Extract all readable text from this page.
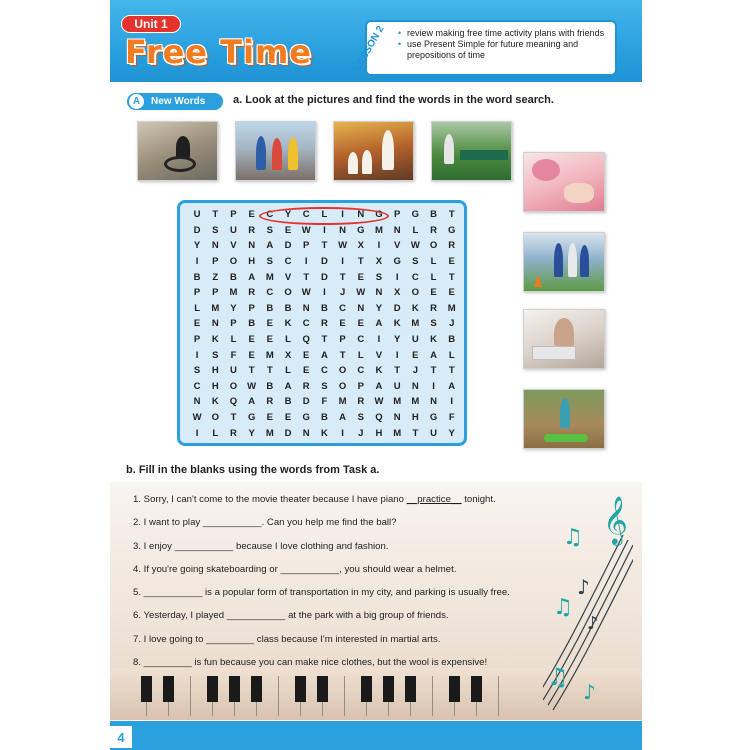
Unit 1
Free Time	LESSON 2
•	review making free time activity plans with friends
• use Present Simple for future meaning and prepositions of time
A	New Words	a. Look at the pictures and find the words in the word search.
U	T	P	E	C	Y	C	L	I	N	G	P	G	B	T
D	S	U	R	S	E	W	I	N	G	M	N	L	R	G
Y	N	V	N	A	D	P	T	W	X	I	V	W	O	R
I	P	O	H	S	C	I	D	I	T	X	G	S	L	E
B	Z	B	A	M	V	T	D	T	E	S	I	C	L	T
P	P	M	R	C	O	W	I	J	W	N	X	O	E	E
L	M	Y	P	B	B	N	B	C	N	Y	D	K	R	M
E	N	P	B	E	K	C	R	E	E	A	K	M	S	J
P	K	L	E	E	L	Q	T	P	C	I	Y	U	K	B
I	S	F	E	M	X	E	A	T	L	V	I	E	A	L
S	H	U	T	T	L	E	C	O	C	K	T	J	T	T
C	H	O	W	B	A	R	S	O	P	A	U	N	I	A
N	K	Q	A	R	B	D	F	M	R	W	M	M	N	I
W	O	T	G	E	E	G	B	A	S	Q	N	H	G	F
I	L	R	Y	M	D	N	K	I	J	H	M	T	U	Y
b. Fill in the blanks using the words from Task a.
1. Sorry, I can't come to the movie theater because I have piano __practice__ tonight.
2. I want to play ___________. Can you help me find the ball?
3. I enjoy ___________ because I love clothing and fashion.
4. If you're going skateboarding or ___________, you should wear a helmet.
5. ___________ is a popular form of transportation in my city, and parking is usually free.
6. Yesterday, I played ___________ at the park with a big group of friends.
7. I love going to _________ class because I'm interested in martial arts.
8. _________ is fun because you can make nice clothes, but the wool is expensive!
𝄞
♫
♪
♫
♪
♫
♪
4
